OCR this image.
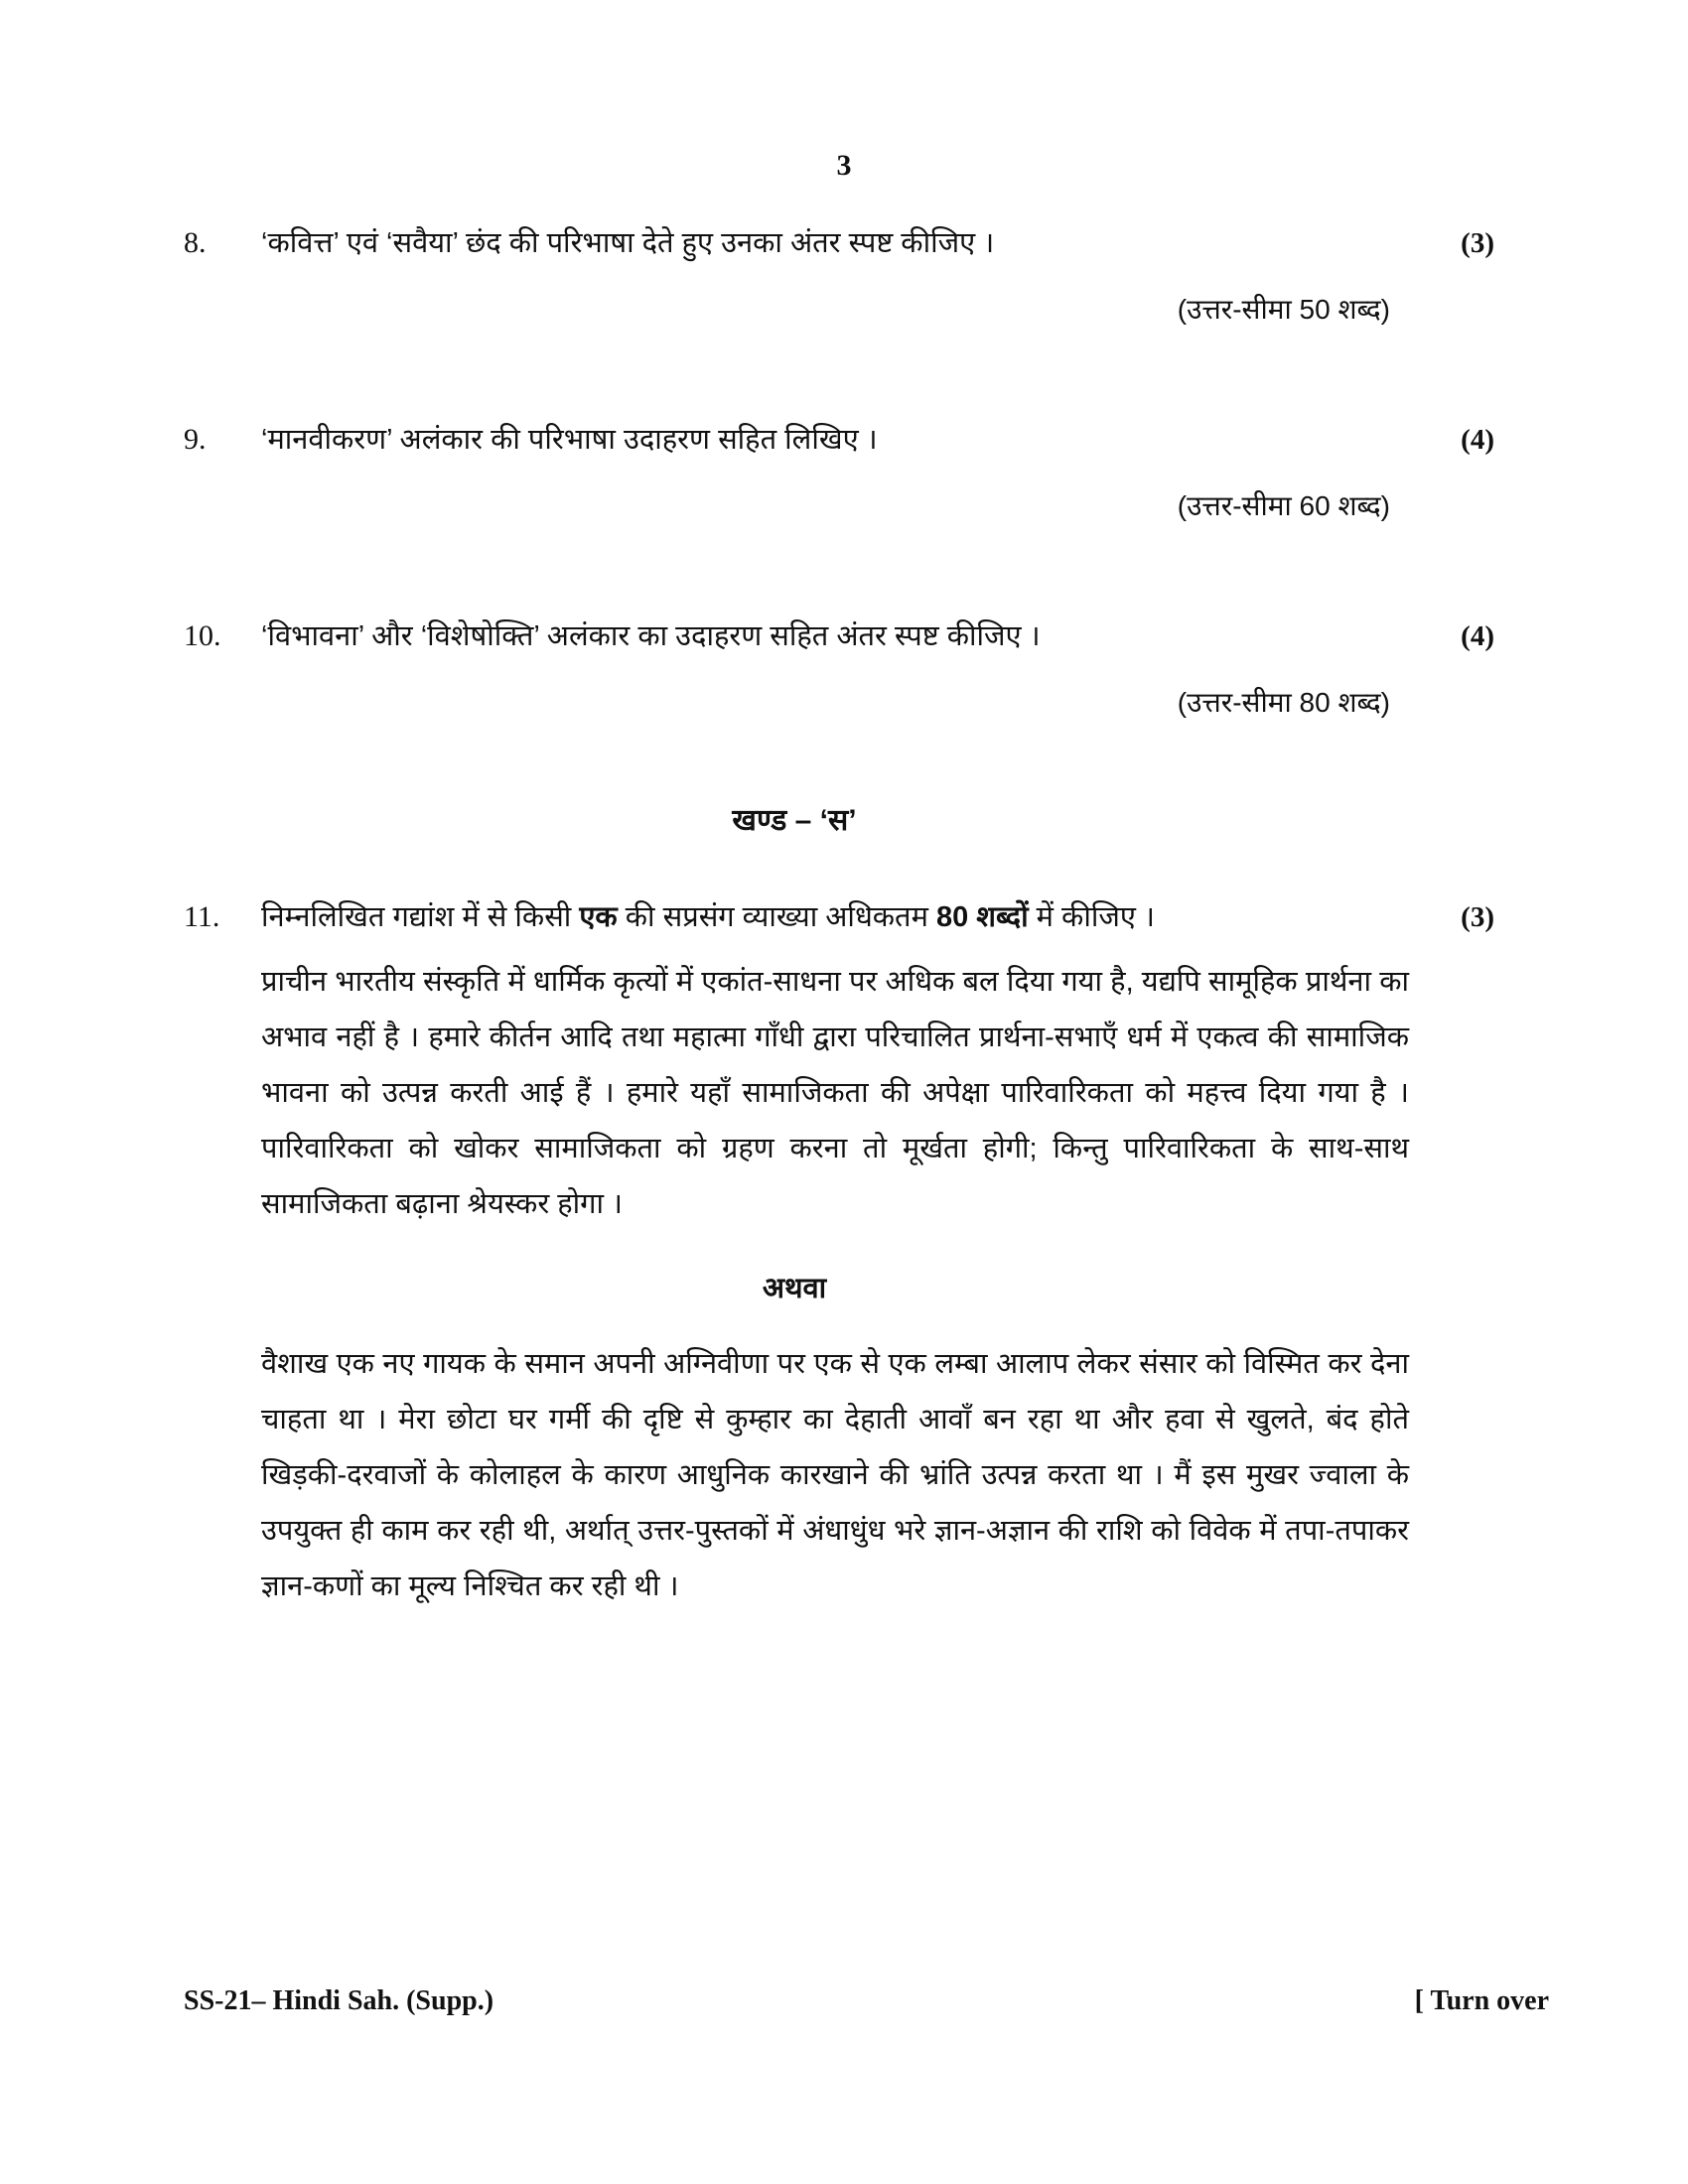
3
8.	‘कवित्त’ एवं ‘सवैया’ छंद की परिभाषा देते हुए उनका अंतर स्पष्ट कीजिए ।	(3)
(उत्तर-सीमा 50 शब्द)
9.	‘मानवीकरण’ अलंकार की परिभाषा उदाहरण सहित लिखिए ।	(4)
(उत्तर-सीमा 60 शब्द)
10.	‘विभावना’ और ‘विशेषोक्ति’ अलंकार का उदाहरण सहित अंतर स्पष्ट कीजिए ।	(4)
(उत्तर-सीमा 80 शब्द)
खण्ड – ‘स’
11.	निम्नलिखित गद्यांश में से किसी एक की सप्रसंग व्याख्या अधिकतम 80 शब्दों में कीजिए ।	(3)
प्राचीन भारतीय संस्कृति में धार्मिक कृत्यों में एकांत-साधना पर अधिक बल दिया गया है, यद्यपि सामूहिक प्रार्थना का अभाव नहीं है । हमारे कीर्तन आदि तथा महात्मा गाँधी द्वारा परिचालित प्रार्थना-सभाएँ धर्म में एकत्व की सामाजिक भावना को उत्पन्न करती आई हैं । हमारे यहाँ सामाजिकता की अपेक्षा पारिवारिकता को महत्त्व दिया गया है । पारिवारिकता को खोकर सामाजिकता को ग्रहण करना तो मूर्खता होगी; किन्तु पारिवारिकता के साथ-साथ सामाजिकता बढ़ाना श्रेयस्कर होगा ।
अथवा
वैशाख एक नए गायक के समान अपनी अग्निवीणा पर एक से एक लम्बा आलाप लेकर संसार को विस्मित कर देना चाहता था । मेरा छोटा घर गर्मी की दृष्टि से कुम्हार का देहाती आवाँ बन रहा था और हवा से खुलते, बंद होते खिड़की-दरवाजों के कोलाहल के कारण आधुनिक कारखाने की भ्रांति उत्पन्न करता था । मैं इस मुखर ज्वाला के उपयुक्त ही काम कर रही थी, अर्थात् उत्तर-पुस्तकों में अंधाधुंध भरे ज्ञान-अज्ञान की राशि को विवेक में तपा-तपाकर ज्ञान-कणों का मूल्य निश्चित कर रही थी ।
SS-21– Hindi Sah. (Supp.)	[ Turn over
